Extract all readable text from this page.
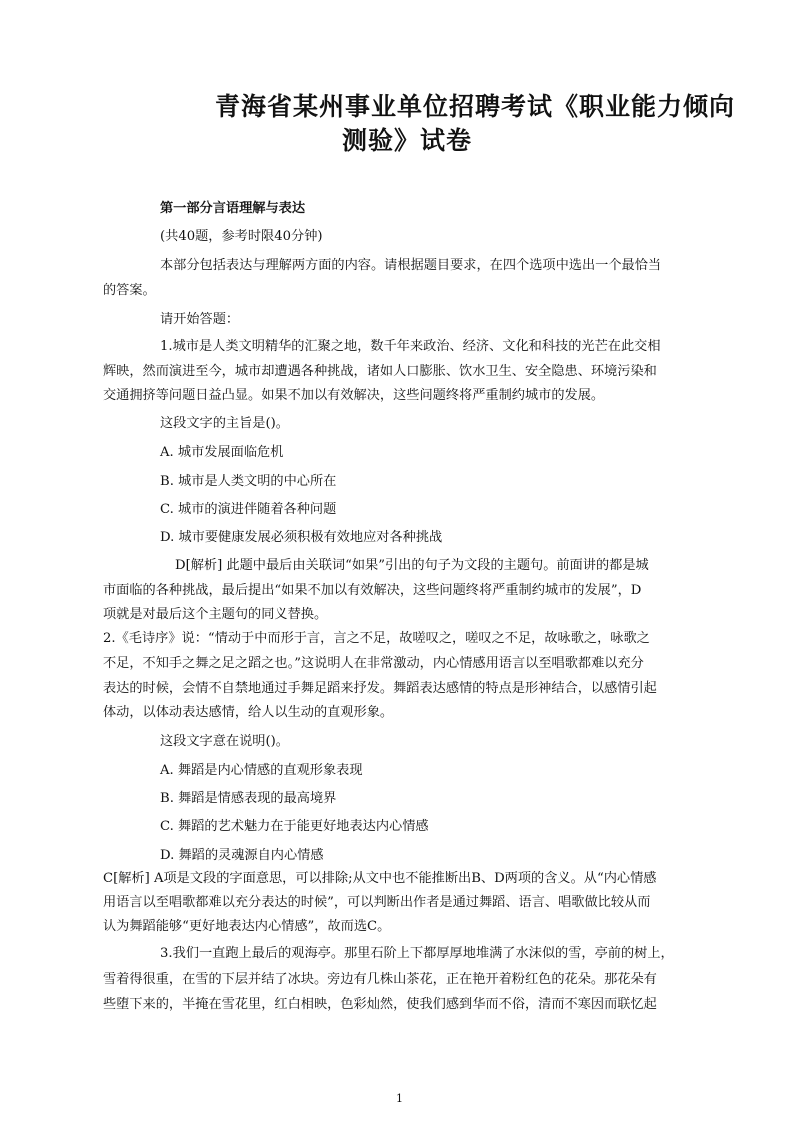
青海省某州事业单位招聘考试《职业能力倾向
测验》试卷
第一部分言语理解与表达
(共40题，参考时限40分钟)
本部分包括表达与理解两方面的内容。请根据题目要求，在四个选项中选出一个最恰当
的答案。
请开始答题：
1.城市是人类文明精华的汇聚之地，数千年来政治、经济、文化和科技的光芒在此交相
辉映，然而演进至今，城市却遭遇各种挑战，诸如人口膨胀、饮水卫生、安全隐患、环境污染和
交通拥挤等问题日益凸显。如果不加以有效解决，这些问题终将严重制约城市的发展。
这段文字的主旨是()。
A. 城市发展面临危机
B. 城市是人类文明的中心所在
C. 城市的演进伴随着各种问题
D. 城市要健康发展必须积极有效地应对各种挑战
D[解析] 此题中最后由关联词“如果”引出的句子为文段的主题句。前面讲的都是城
市面临的各种挑战，最后提出“如果不加以有效解决，这些问题终将严重制约城市的发展”，D
项就是对最后这个主题句的同义替换。
2.《毛诗序》说：“情动于中而形于言，言之不足，故嗟叹之，嗟叹之不足，故咏歌之，咏歌之
不足，不知手之舞之足之蹈之也。”这说明人在非常激动，内心情感用语言以至唱歌都难以充分
表达的时候，会情不自禁地通过手舞足蹈来抒发。舞蹈表达感情的特点是形神结合，以感情引起
体动，以体动表达感情，给人以生动的直观形象。
这段文字意在说明()。
A. 舞蹈是内心情感的直观形象表现
B. 舞蹈是情感表现的最高境界
C. 舞蹈的艺术魅力在于能更好地表达内心情感
D. 舞蹈的灵魂源自内心情感
C[解析] A项是文段的字面意思，可以排除;从文中也不能推断出B、D两项的含义。从“内心情感
用语言以至唱歌都难以充分表达的时候”，可以判断出作者是通过舞蹈、语言、唱歌做比较从而
认为舞蹈能够“更好地表达内心情感”，故而选C。
3.我们一直跑上最后的观海亭。那里石阶上下都厚厚地堆满了水沫似的雪，亭前的树上，
雪着得很重，在雪的下层并结了冰块。旁边有几株山茶花，正在艳开着粉红色的花朵。那花朵有
些堕下来的，半掩在雪花里，红白相映，色彩灿然，使我们感到华而不俗，清而不寒因而联忆起
1
